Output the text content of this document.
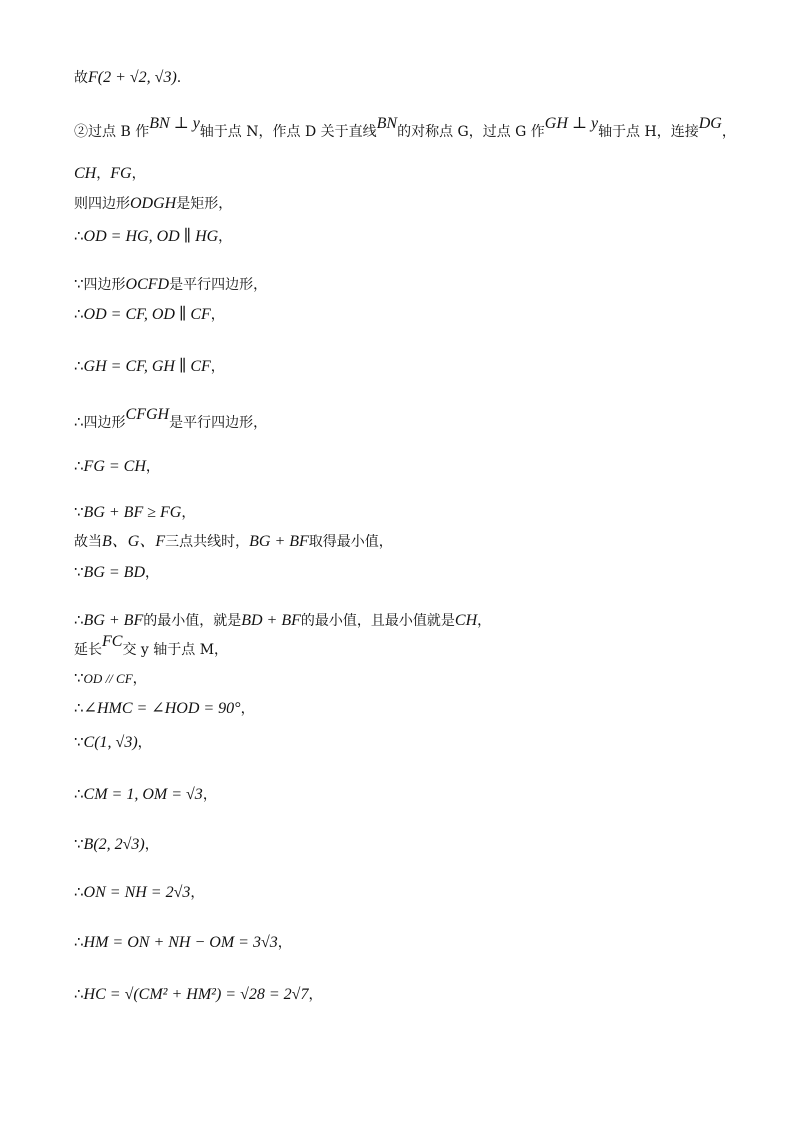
故F(2 + √2, √3).
②过点 B 作BN ⊥ y轴于点 N，作点 D 关于直线BN的对称点 G，过点 G 作GH ⊥ y轴于点 H，连接DG，
CH，FG，
则四边形ODGH是矩形，
∴OD = HG, OD ∥ HG，
∵四边形OCFD是平行四边形，
∴OD = CF, OD ∥ CF，
∴GH = CF, GH ∥ CF，
∴四边形CFGH是平行四边形，
∴FG = CH，
∵BG + BF ≥ FG，
故当B、G、F三点共线时，BG + BF取得最小值，
∵BG = BD，
∴BG + BF的最小值，就是BD + BF的最小值，且最小值就是CH，
延长FC交 y 轴于点 M，
∵OD // CF，
∴∠HMC = ∠HOD = 90°，
∵C(1, √3)，
∴CM = 1, OM = √3，
∵B(2, 2√3)，
∴ON = NH = 2√3，
∴HM = ON + NH − OM = 3√3，
∴HC = √(CM² + HM²) = √28 = 2√7，
